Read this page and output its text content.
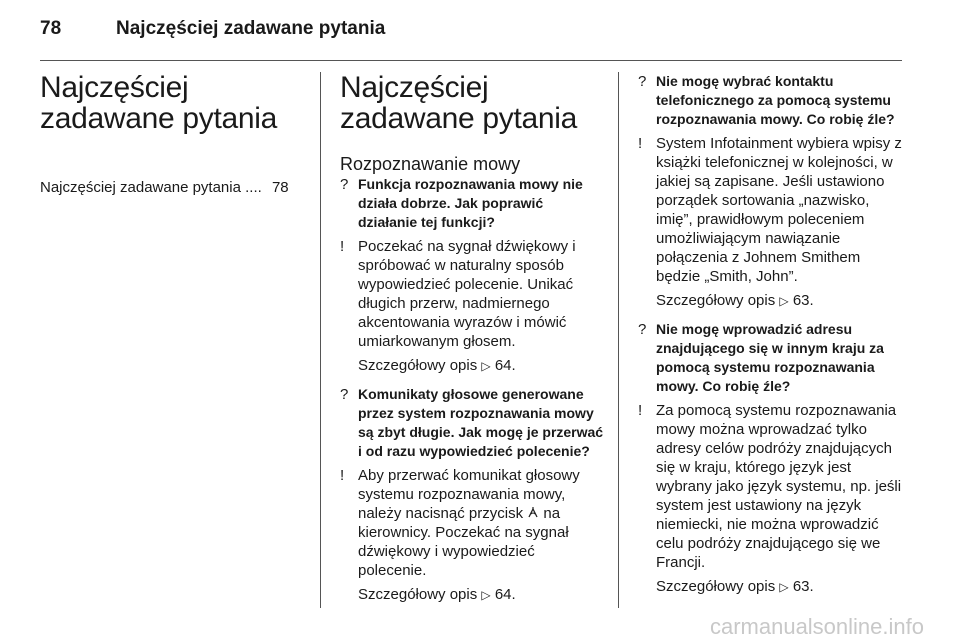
78	Najczęściej zadawane pytania
Najczęściej zadawane pytania
Najczęściej zadawane pytania .... 78
Najczęściej zadawane pytania
Rozpoznawanie mowy
? Funkcja rozpoznawania mowy nie działa dobrze. Jak poprawić działanie tej funkcji?
! Poczekać na sygnał dźwiękowy i spróbować w naturalny sposób wypowiedzieć polecenie. Unikać długich przerw, nadmiernego akcentowania wyrazów i mówić umiarkowanym głosem.
Szczegółowy opis ▷ 64.
? Komunikaty głosowe generowane przez system rozpoznawania mowy są zbyt długie. Jak mogę je przerwać i od razu wypowiedzieć polecenie?
! Aby przerwać komunikat głosowy systemu rozpoznawania mowy, należy nacisnąć przycisk na kierownicy. Poczekać na sygnał dźwiękowy i wypowiedzieć polecenie.
Szczegółowy opis ▷ 64.
? Nie mogę wybrać kontaktu telefonicznego za pomocą systemu rozpoznawania mowy. Co robię źle?
! System Infotainment wybiera wpisy z książki telefonicznej w kolejności, w jakiej są zapisane. Jeśli ustawiono porządek sortowania „nazwisko, imię”, prawidłowym poleceniem umożliwiającym nawiązanie połączenia z Johnem Smithem będzie „Smith, John”.
Szczegółowy opis ▷ 63.
? Nie mogę wprowadzić adresu znajdującego się w innym kraju za pomocą systemu rozpoznawania mowy. Co robię źle?
! Za pomocą systemu rozpoznawania mowy można wprowadzać tylko adresy celów podróży znajdujących się w kraju, którego język jest wybrany jako język systemu, np. jeśli system jest ustawiony na język niemiecki, nie można wprowadzić celu podróży znajdującego się we Francji.
Szczegółowy opis ▷ 63.
carmanualsonline.info
